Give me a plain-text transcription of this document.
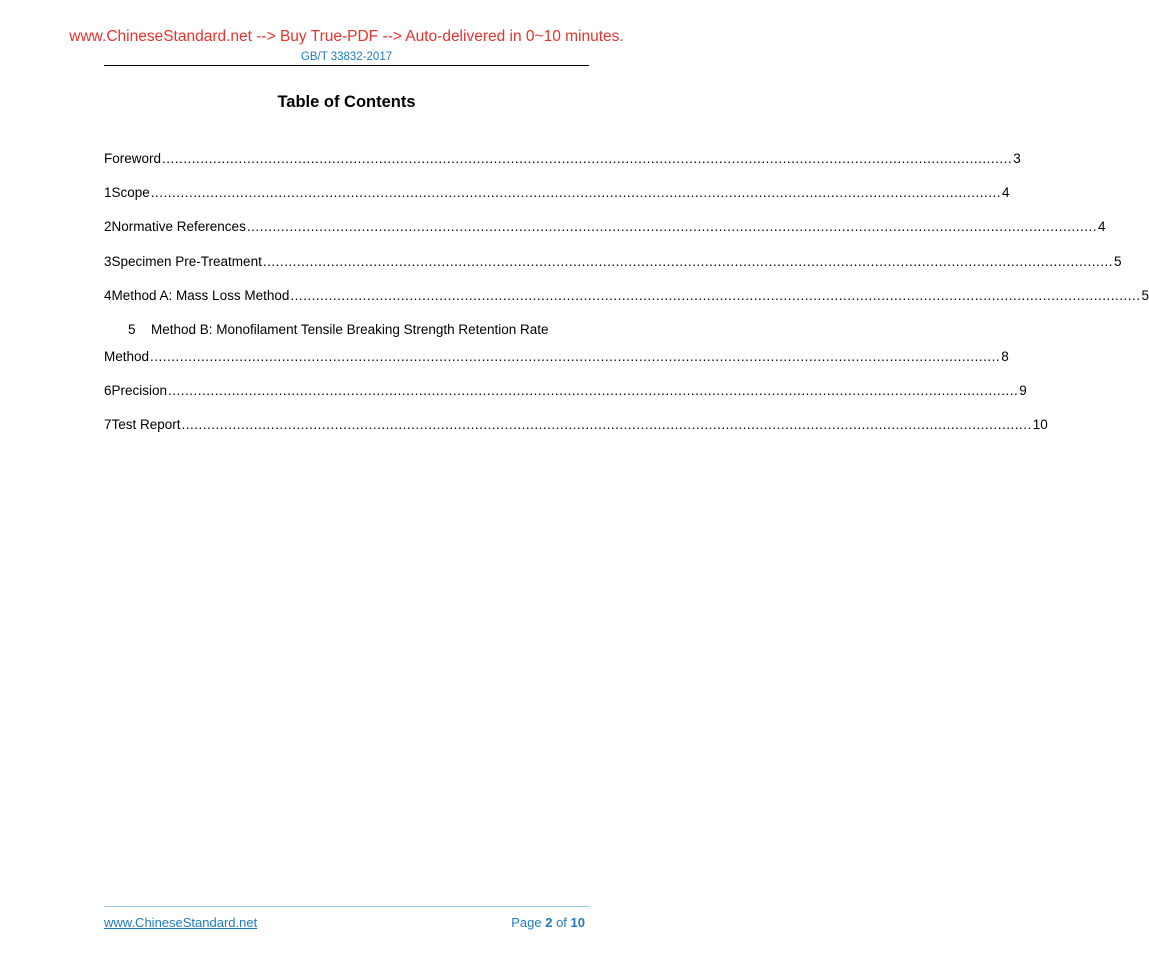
www.ChineseStandard.net --> Buy True-PDF --> Auto-delivered in 0~10 minutes.
GB/T 33832-2017
Table of Contents
Foreword ........................................................................................................................................................................................................ 3
1 Scope ........................................................................................................................................................................................................ 4
2 Normative References ........................................................................................................................................................................................................ 4
3 Specimen Pre-Treatment ........................................................................................................................................................................................................ 5
4 Method A: Mass Loss Method ........................................................................................................................................................................................................ 5
5 Method B: Monofilament Tensile Breaking Strength Retention Rate
Method ........................................................................................................................................................................................................ 8
6 Precision ........................................................................................................................................................................................................ 9
7 Test Report ........................................................................................................................................................................................................ 10
www.ChineseStandard.net	Page 2 of 10
